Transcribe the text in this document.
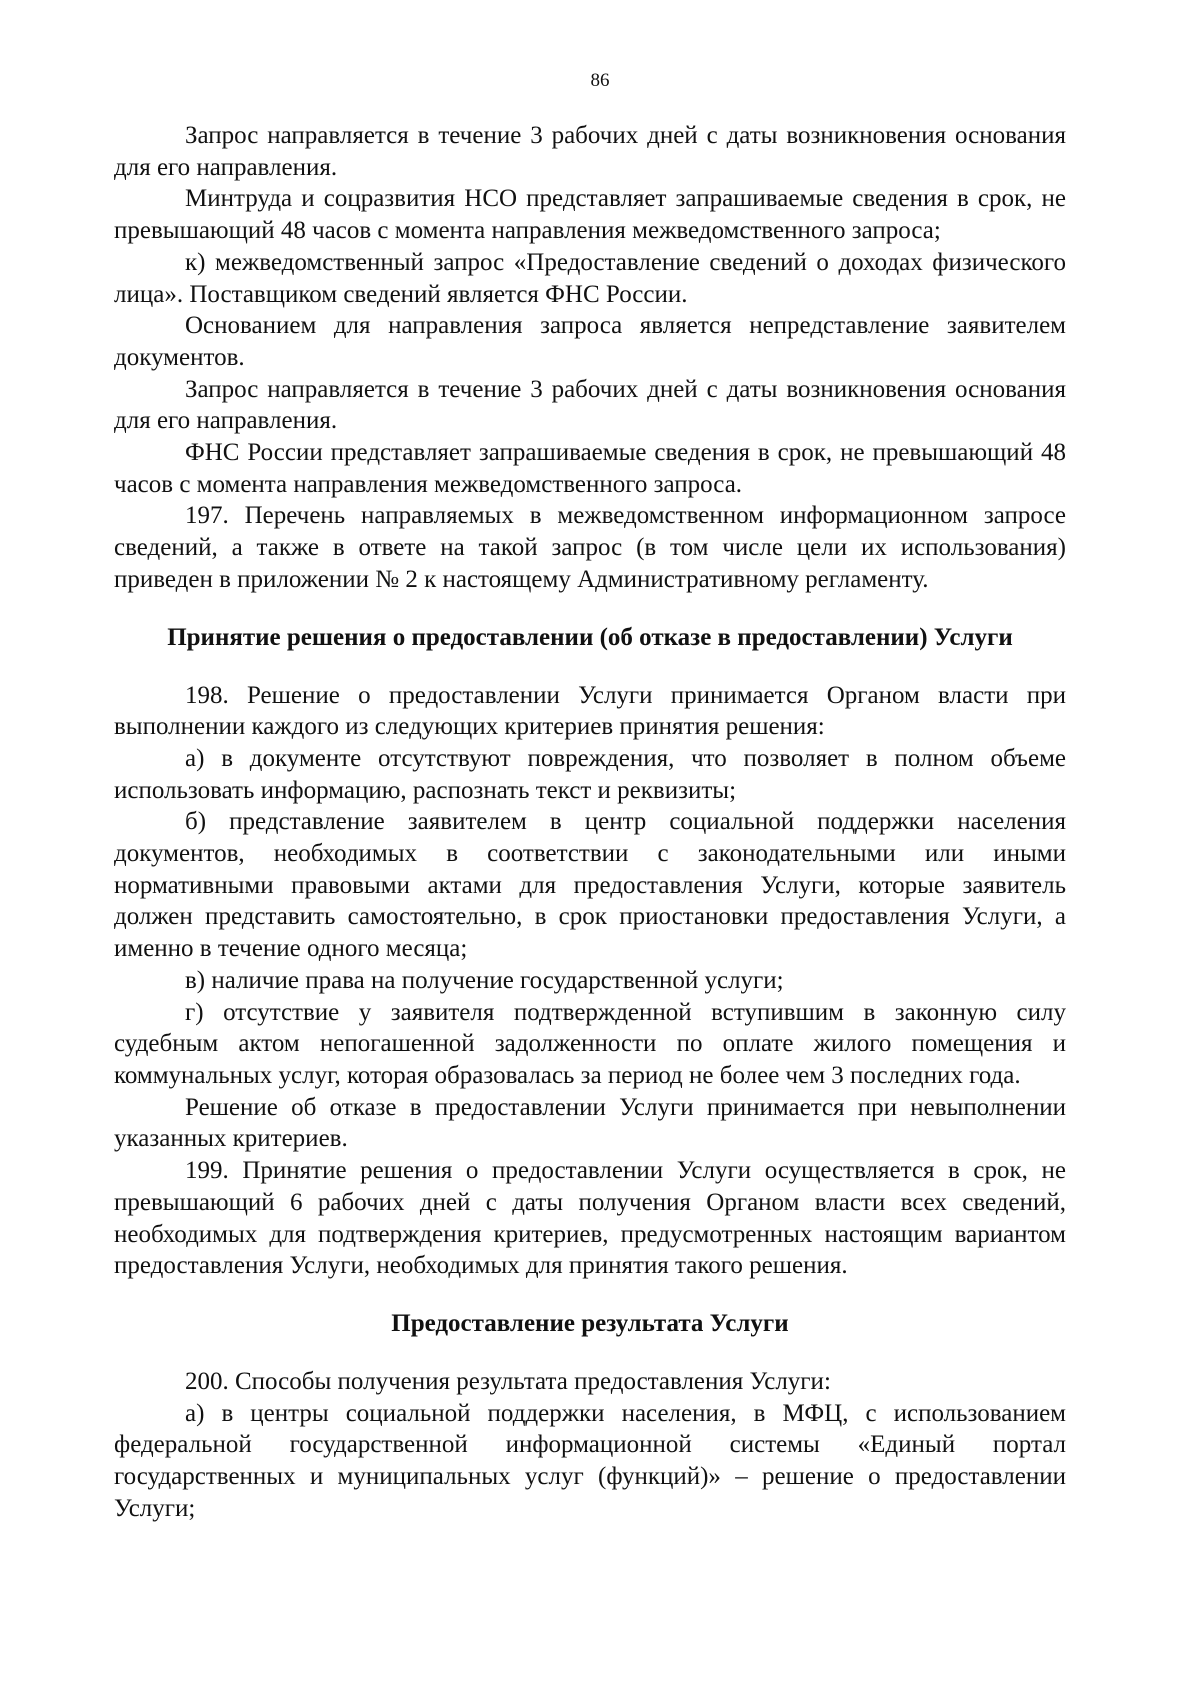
86

Запрос направляется в течение 3 рабочих дней с даты возникновения основания для его направления.

Минтруда и соцразвития НСО представляет запрашиваемые сведения в срок, не превышающий 48 часов с момента направления межведомственного запроса;

к) межведомственный запрос «Предоставление сведений о доходах физического лица». Поставщиком сведений является ФНС России.

Основанием для направления запроса является непредставление заявителем документов.

Запрос направляется в течение 3 рабочих дней с даты возникновения основания для его направления.

ФНС России представляет запрашиваемые сведения в срок, не превышающий 48 часов с момента направления межведомственного запроса.

197. Перечень направляемых в межведомственном информационном запросе сведений, а также в ответе на такой запрос (в том числе цели их использования) приведен в приложении № 2 к настоящему Административному регламенту.

Принятие решения о предоставлении (об отказе в предоставлении) Услуги

198. Решение о предоставлении Услуги принимается Органом власти при выполнении каждого из следующих критериев принятия решения:

а) в документе отсутствуют повреждения, что позволяет в полном объеме использовать информацию, распознать текст и реквизиты;

б) представление заявителем в центр социальной поддержки населения документов, необходимых в соответствии с законодательными или иными нормативными правовыми актами для предоставления Услуги, которые заявитель должен представить самостоятельно, в срок приостановки предоставления Услуги, а именно в течение одного месяца;

в) наличие права на получение государственной услуги;

г) отсутствие у заявителя подтвержденной вступившим в законную силу судебным актом непогашенной задолженности по оплате жилого помещения и коммунальных услуг, которая образовалась за период не более чем 3 последних года.

Решение об отказе в предоставлении Услуги принимается при невыполнении указанных критериев.

199. Принятие решения о предоставлении Услуги осуществляется в срок, не превышающий 6 рабочих дней с даты получения Органом власти всех сведений, необходимых для подтверждения критериев, предусмотренных настоящим вариантом предоставления Услуги, необходимых для принятия такого решения.

Предоставление результата Услуги

200. Способы получения результата предоставления Услуги:

а) в центры социальной поддержки населения, в МФЦ, с использованием федеральной государственной информационной системы «Единый портал государственных и муниципальных услуг (функций)» – решение о предоставлении Услуги;
